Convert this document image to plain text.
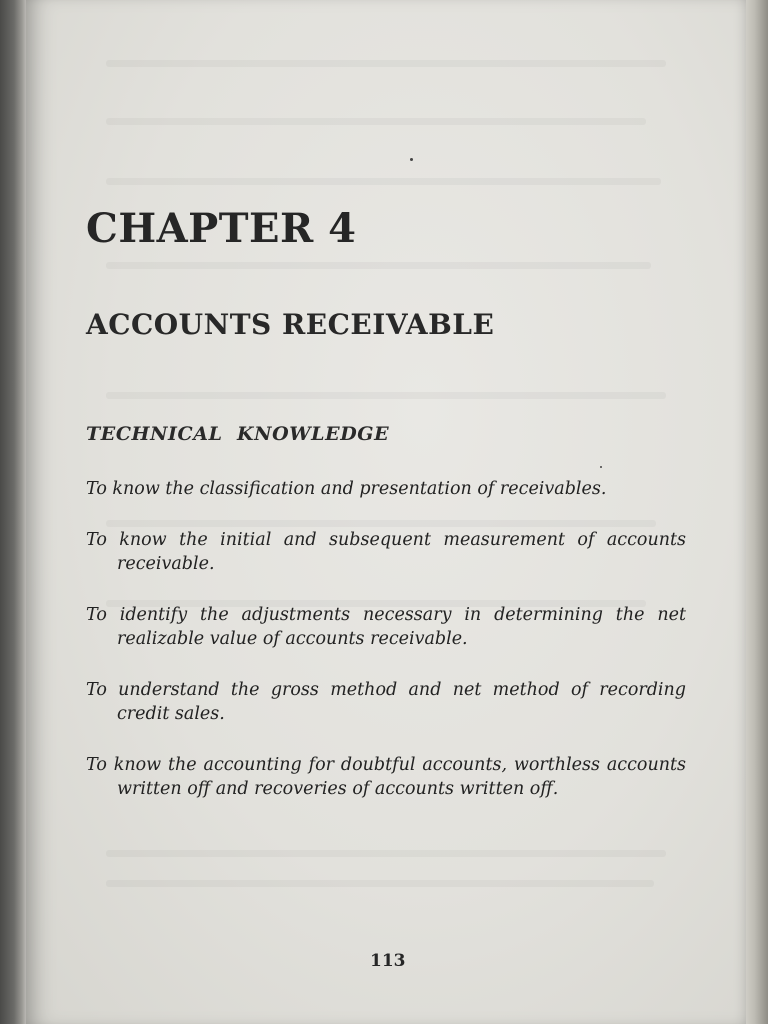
CHAPTER 4
ACCOUNTS RECEIVABLE
TECHNICAL  KNOWLEDGE
To know the classification and presentation of receivables.
To know the initial and subsequent measurement of accounts receivable.
To identify the adjustments necessary in determining the net realizable value of accounts receivable.
To understand the gross method and net method of recording credit sales.
To know the accounting for doubtful accounts, worthless accounts written off and recoveries of accounts written off.

113
